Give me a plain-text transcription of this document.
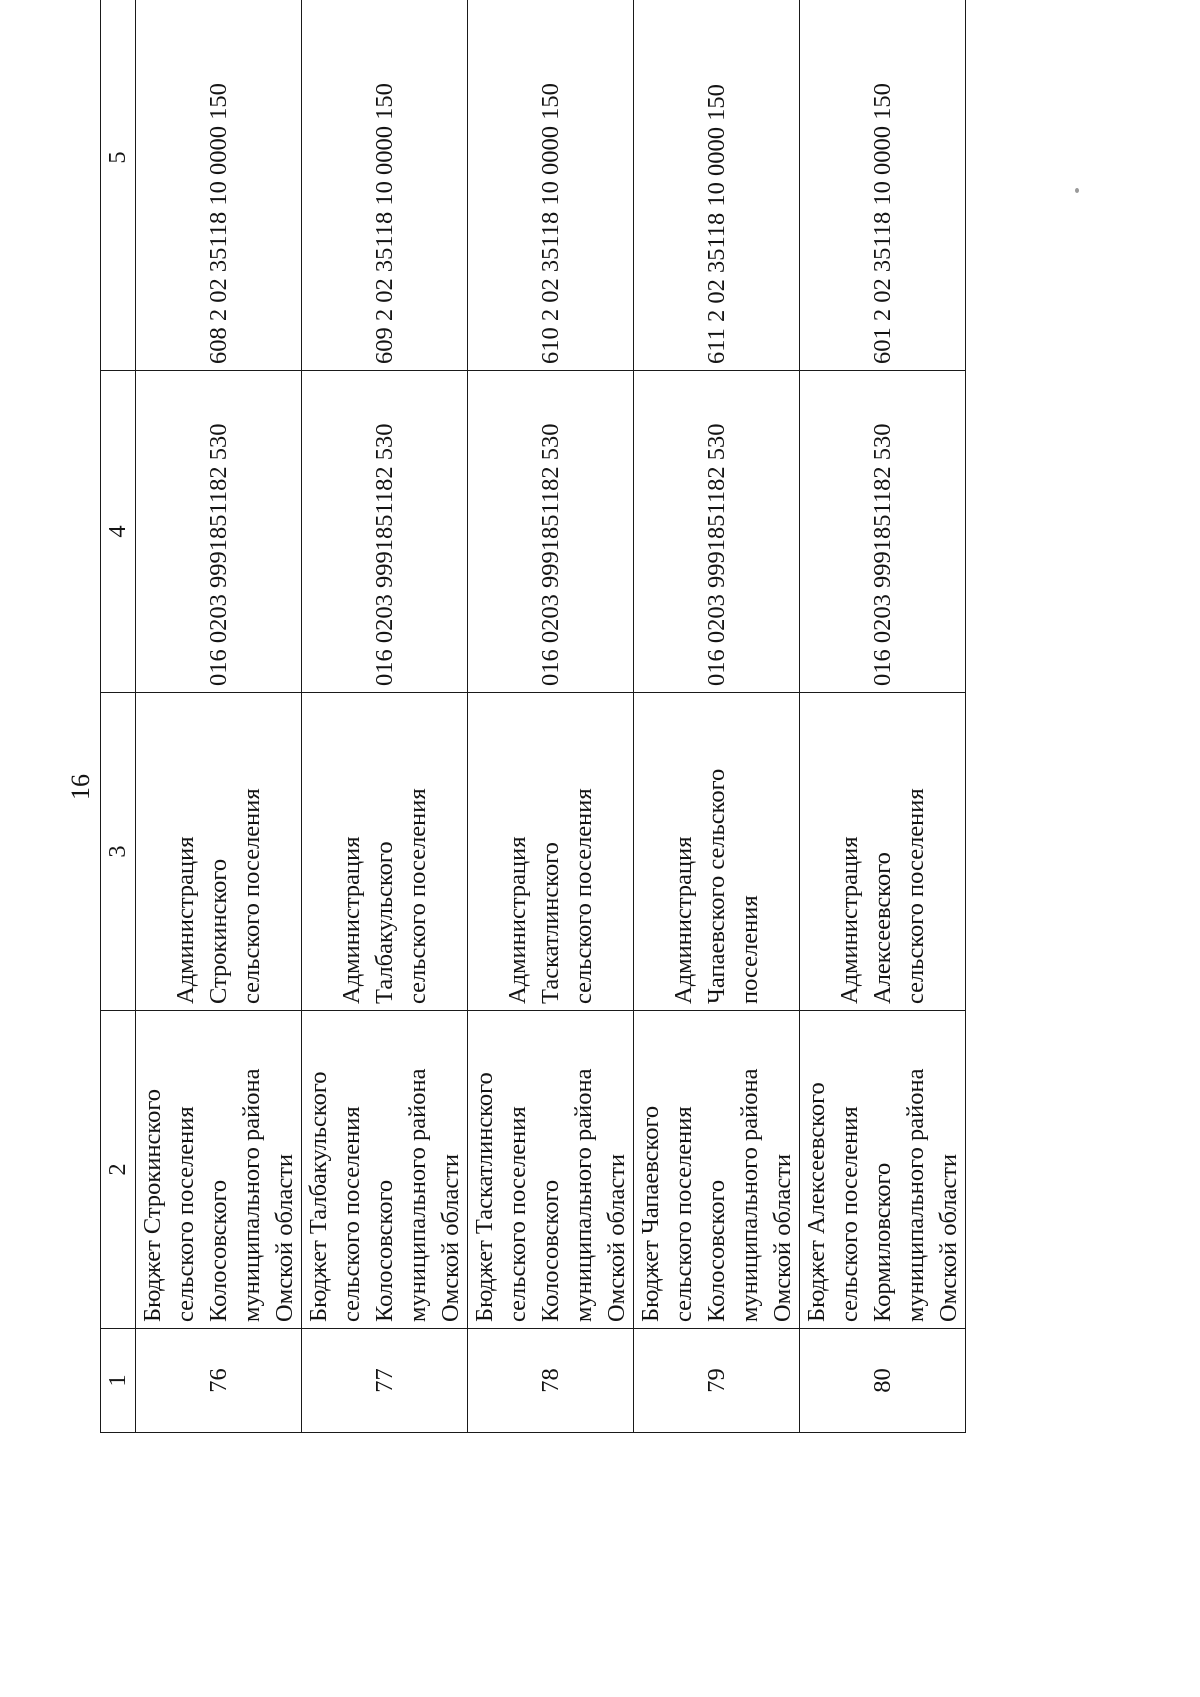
16
1	2	3	4	5
76	Бюджет Строкинского сельского поселения Колосовского муниципального района Омской области	Администрация Строкинского сельского поселения	016 0203 9991851182 530	608 2 02 35118 10 0000 150
77	Бюджет Талбакульского сельского поселения Колосовского муниципального района Омской области	Администрация Талбакульского сельского поселения	016 0203 9991851182 530	609 2 02 35118 10 0000 150
78	Бюджет Таскатлинского сельского поселения Колосовского муниципального района Омской области	Администрация Таскатлинского сельского поселения	016 0203 9991851182 530	610 2 02 35118 10 0000 150
79	Бюджет Чапаевского сельского поселения Колосовского муниципального района Омской области	Администрация Чапаевского сельского поселения	016 0203 9991851182 530	611 2 02 35118 10 0000 150
80	Бюджет Алексеевского сельского поселения Кормиловского муниципального района Омской области	Администрация Алексеевского сельского поселения	016 0203 9991851182 530	601 2 02 35118 10 0000 150
